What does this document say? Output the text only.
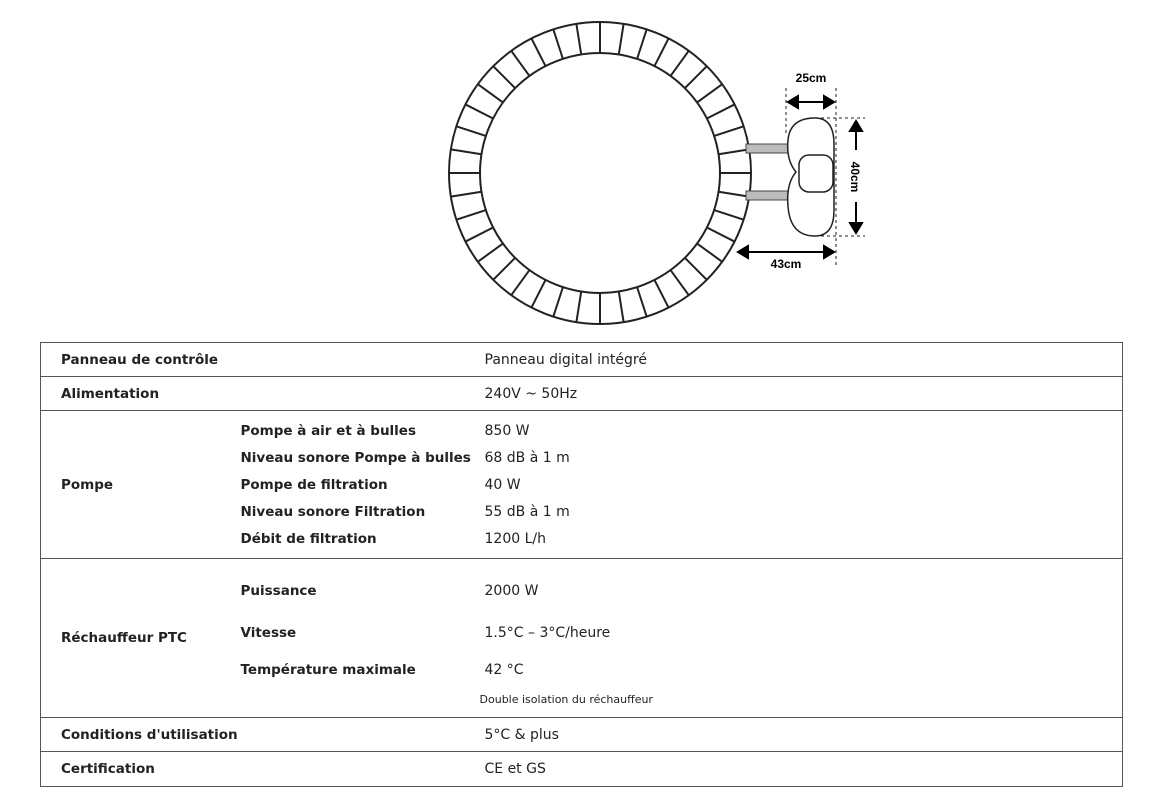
25cm
40cm
43cm
Panneau de contrôle	Panneau digital intégré
Alimentation	240V ~ 50Hz
Pompe	
Pompe à air et à bulles	850 W
Niveau sonore Pompe à bulles	68 dB à 1 m
Pompe de filtration	40 W
Niveau sonore Filtration	55 dB à 1 m
Débit de filtration	1200 L/h

Réchauffeur PTC	
Puissance	2000 W
Vitesse	1.5°C – 3°C/heure
Température maximale	42 °C
Double isolation du réchauffeur

Conditions d'utilisation	5°C & plus
Certification	CE et GS
